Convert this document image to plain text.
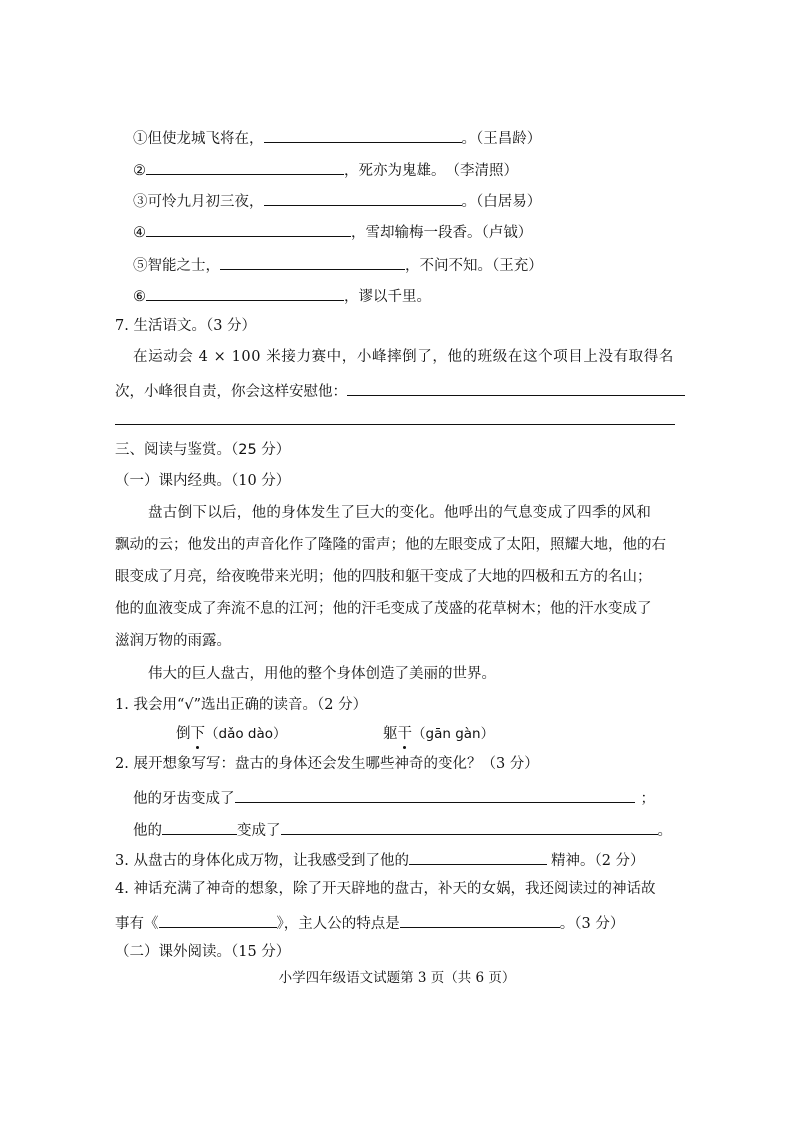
①但使龙城飞将在，	。（王昌龄）
②	，死亦为鬼雄。　（李清照）
③可怜九月初三夜，	。（白居易）
④	，雪却输梅一段香。（卢钺）
⑤智能之士，	，不问不知。（王充）
⑥	，谬以千里。
7. 生活语文。（3 分）
在运动会 4 × 100 米接力赛中，小峰摔倒了，他的班级在这个项目上没有取得名
次，小峰很自责，你会这样安慰他：
三、阅读与鉴赏。（25 分）
（一）课内经典。（10 分）
盘古倒下以后，他的身体发生了巨大的变化。他呼出的气息变成了四季的风和
飘动的云；他发出的声音化作了隆隆的雷声；他的左眼变成了太阳，照耀大地，他的右
眼变成了月亮，给夜晚带来光明；他的四肢和躯干变成了大地的四极和五方的名山；
他的血液变成了奔流不息的江河；他的汗毛变成了茂盛的花草树木；他的汗水变成了
滋润万物的雨露。
伟大的巨人盘古，用他的整个身体创造了美丽的世界。
1. 我会用“√”选出正确的读音。（2 分）
倒下（dǎo dào）	躯干（gān gàn）
2. 展开想象写写：盘古的身体还会发生哪些神奇的变化？（3 分）
他的牙齿变成了	；
他的	变成了	。
3. 从盘古的身体化成万物，让我感受到了他的	精神。（2 分）
4. 神话充满了神奇的想象，除了开天辟地的盘古，补天的女娲，我还阅读过的神话故
事有《	》，主人公的特点是	。（3 分）
（二）课外阅读。（15 分）
小学四年级语文试题第 3 页（共 6 页）
